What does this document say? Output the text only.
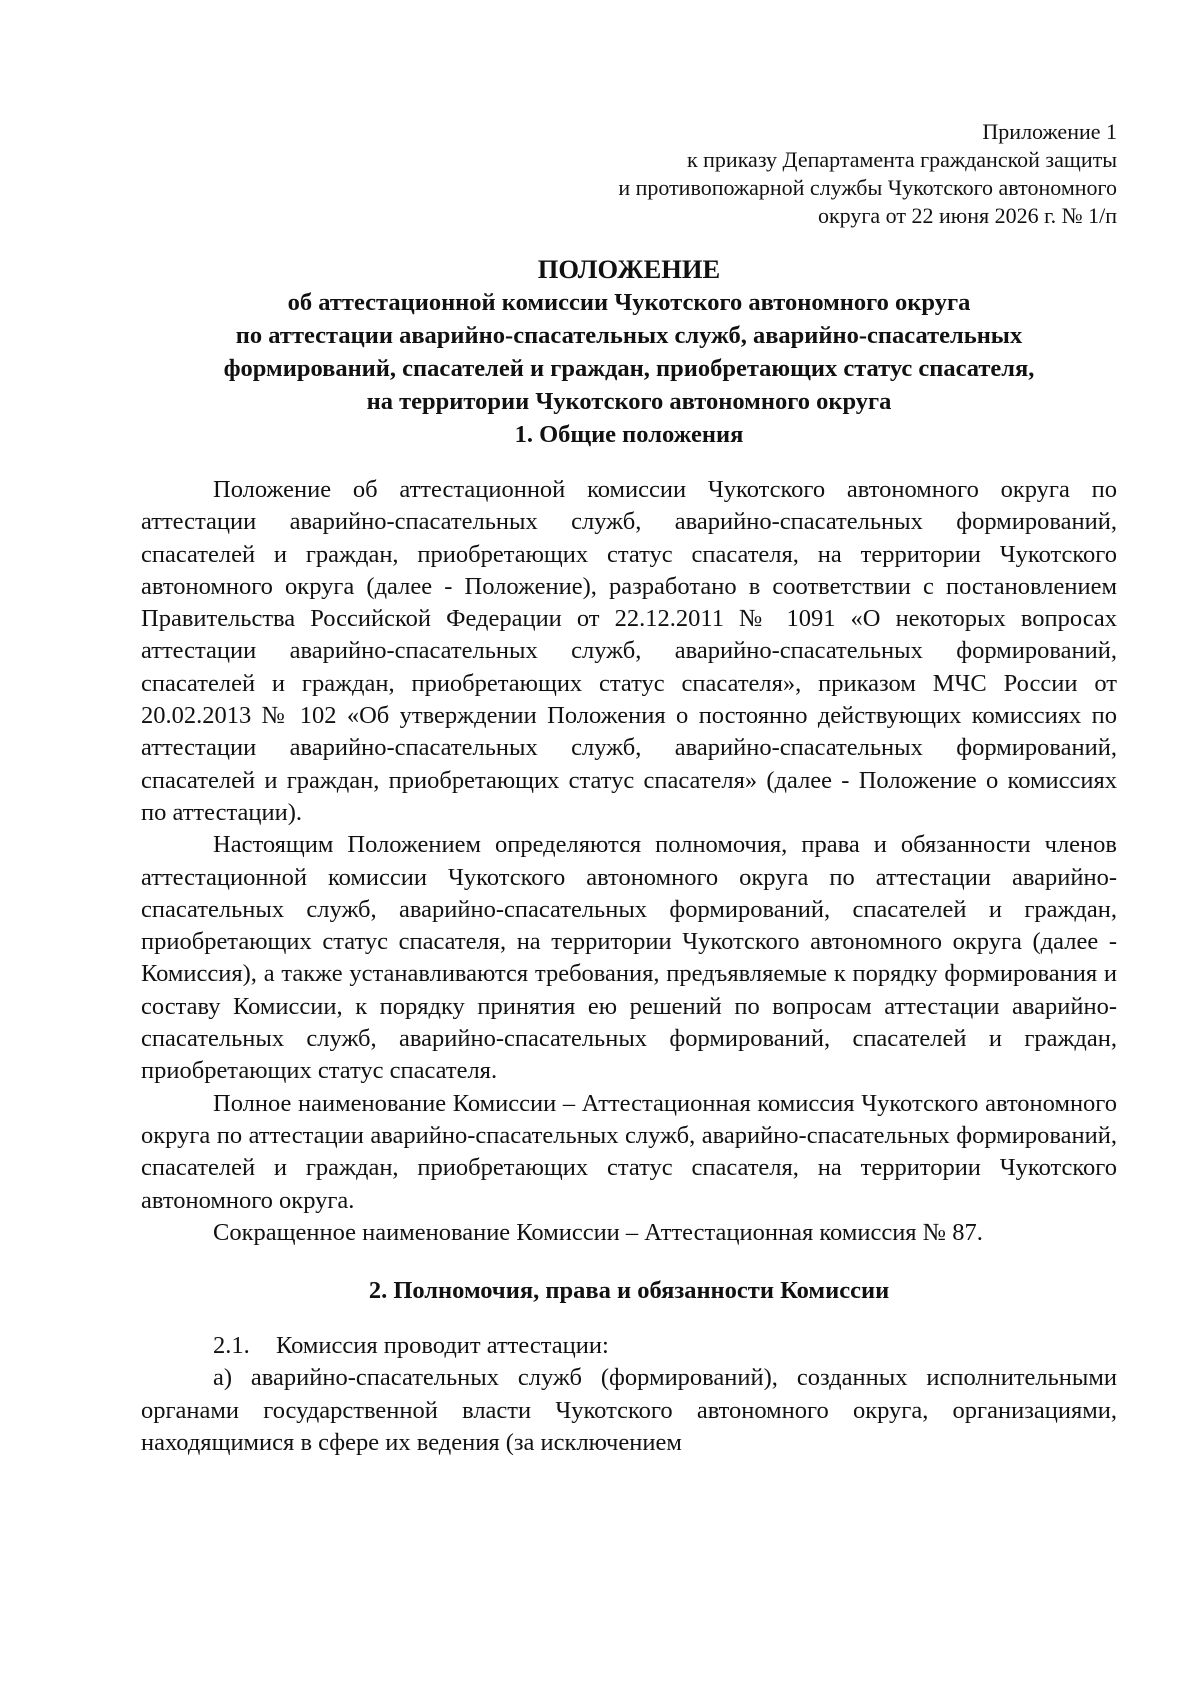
Приложение 1
к приказу Департамента гражданской защиты
и противопожарной службы Чукотского автономного
округа от 22 июня 2026 г. № 1/п
ПОЛОЖЕНИЕ
об аттестационной комиссии Чукотского автономного округа
по аттестации аварийно-спасательных служб, аварийно-спасательных
формирований, спасателей и граждан, приобретающих статус спасателя,
на территории Чукотского автономного округа
1. Общие положения

Положение об аттестационной комиссии Чукотского автономного округа по аттестации аварийно-спасательных служб, аварийно-спасательных формирований, спасателей и граждан, приобретающих статус спасателя, на территории Чукотского автономного округа (далее - Положение), разработано в соответствии с постановлением Правительства Российской Федерации от 22.12.2011 № 1091 «О некоторых вопросах аттестации аварийно-спасательных служб, аварийно-спасательных формирований, спасателей и граждан, приобретающих статус спасателя», приказом МЧС России от 20.02.2013 № 102 «Об утверждении Положения о постоянно действующих комиссиях по аттестации аварийно-спасательных служб, аварийно-спасательных формирований, спасателей и граждан, приобретающих статус спасателя» (далее - Положение о комиссиях по аттестации).

Настоящим Положением определяются полномочия, права и обязанности членов аттестационной комиссии Чукотского автономного округа по аттестации аварийно-спасательных служб, аварийно-спасательных формирований, спасателей и граждан, приобретающих статус спасателя, на территории Чукотского автономного округа (далее - Комиссия), а также устанавливаются требования, предъявляемые к порядку формирования и составу Комиссии, к порядку принятия ею решений по вопросам аттестации аварийно-спасательных служб, аварийно-спасательных формирований, спасателей и граждан, приобретающих статус спасателя.

Полное наименование Комиссии – Аттестационная комиссия Чукотского автономного округа по аттестации аварийно-спасательных служб, аварийно-спасательных формирований, спасателей и граждан, приобретающих статус спасателя, на территории Чукотского автономного округа.

Сокращенное наименование Комиссии – Аттестационная комиссия № 87.

2. Полномочия, права и обязанности Комиссии

2.1. Комиссия проводит аттестации:

а) аварийно-спасательных служб (формирований), созданных исполнительными органами государственной власти Чукотского автономного округа, организациями, находящимися в сфере их ведения (за исключением
